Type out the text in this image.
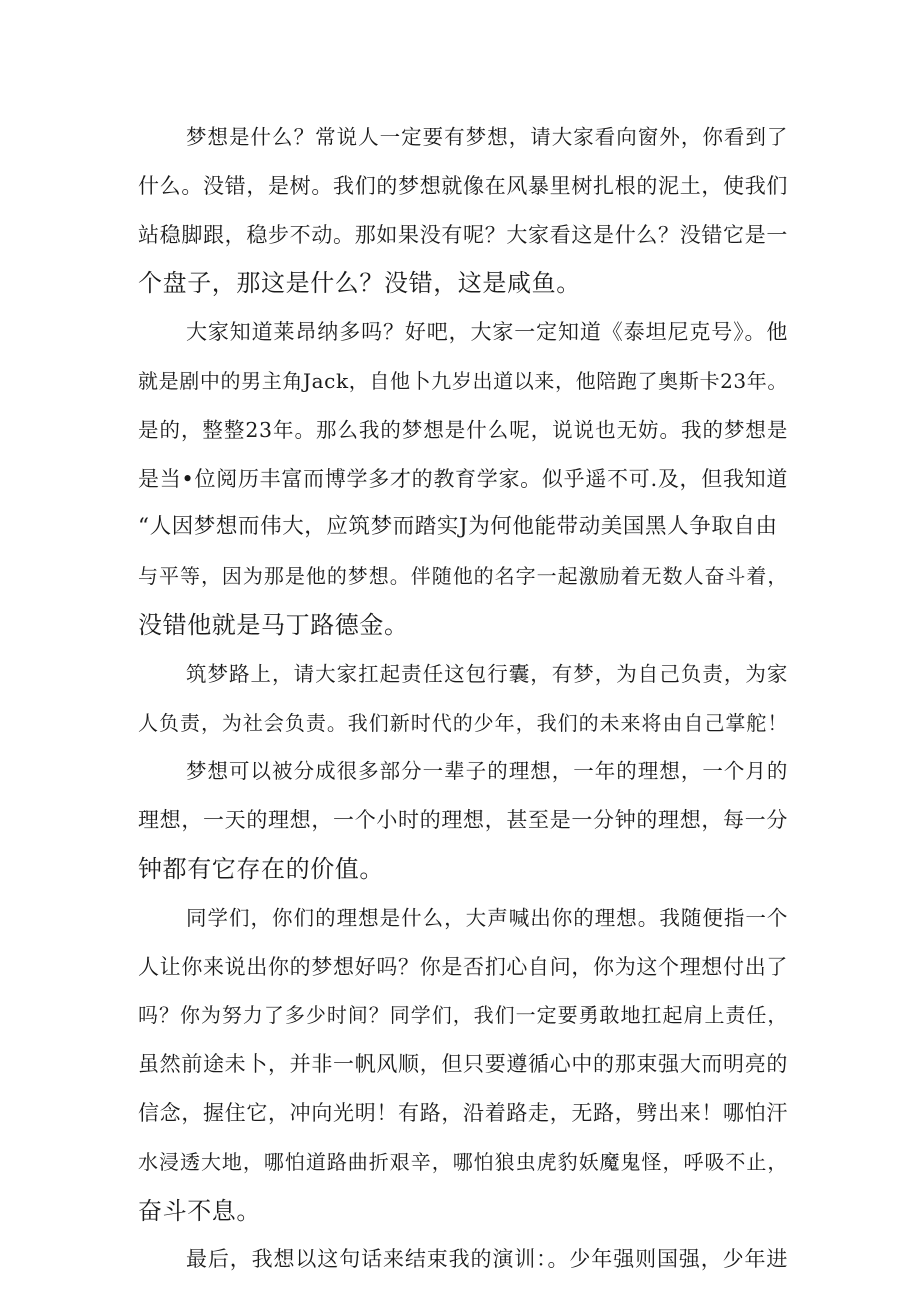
梦想是什么？常说人一定要有梦想，请大家看向窗外，你看到了
什么。没错，是树。我们的梦想就像在风暴里树扎根的泥土，使我们
站稳脚跟，稳步不动。那如果没有呢？大家看这是什么？没错它是一
个盘子，那这是什么？没错，这是咸鱼。
大家知道莱昂纳多吗？好吧，大家一定知道《泰坦尼克号》。他
就是剧中的男主角Jack，自他卜九岁出道以来，他陪跑了奥斯卡23年。
是的，整整23年。那么我的梦想是什么呢，说说也无妨。我的梦想是
是当•位阅历丰富而博学多才的教育学家。似乎遥不可.及，但我知道
“人因梦想而伟大，应筑梦而踏实J为何他能带动美国黑人争取自由
与平等，因为那是他的梦想。伴随他的名字一起激励着无数人奋斗着，
没错他就是马丁路德金。
筑梦路上，请大家扛起责任这包行囊，有梦，为自己负责，为家
人负责，为社会负责。我们新时代的少年，我们的未来将由自己掌舵！
梦想可以被分成很多部分一辈子的理想，一年的理想，一个月的
理想，一天的理想，一个小时的理想，甚至是一分钟的理想，每一分
钟都有它存在的价值。
同学们，你们的理想是什么，大声喊出你的理想。我随便指一个
人让你来说出你的梦想好吗？你是否扪心自问，你为这个理想付出了
吗？你为努力了多少时间？同学们，我们一定要勇敢地扛起肩上责任，
虽然前途未卜，并非一帆风顺，但只要遵循心中的那束强大而明亮的
信念，握住它，冲向光明！有路，沿着路走，无路，劈出来！哪怕汗
水浸透大地，哪怕道路曲折艰辛，哪怕狼虫虎豹妖魔鬼怪，呼吸不止，
奋斗不息。
最后，我想以这句话来结束我的演训：。少年强则国强，少年进
